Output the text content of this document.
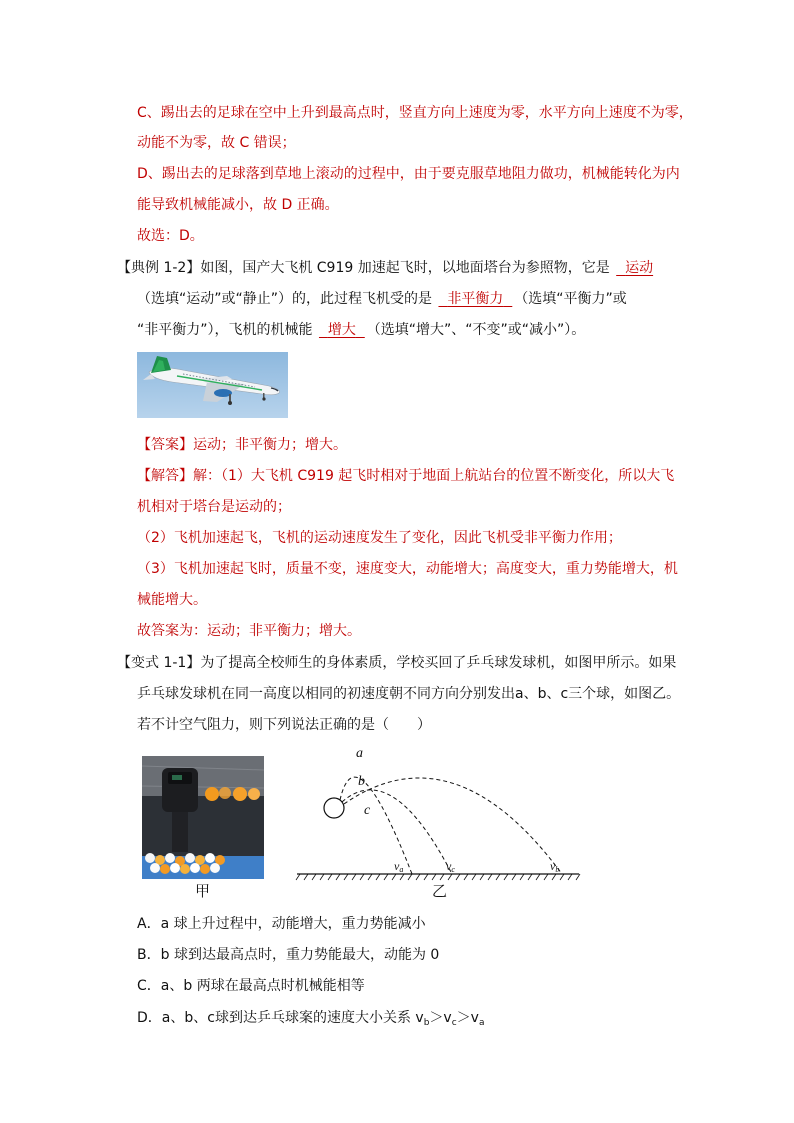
C、踢出去的足球在空中上升到最高点时，竖直方向上速度为零，水平方向上速度不为零，
动能不为零，故 C 错误；
D、踢出去的足球落到草地上滚动的过程中，由于要克服草地阻力做功，机械能转化为内
能导致机械能减小，故 D 正确。
故选：D。
【典例 1-2】如图，国产大飞机 C919 加速起飞时，以地面塔台为参照物，它是 运动
（选填“运动”或“静止”）的，此过程飞机受的是 非平衡力 （选填“平衡力”或
“非平衡力”），飞机的机械能 增大 （选填“增大”、“不变”或“减小”）。
【答案】运动；非平衡力；增大。
【解答】解：（1）大飞机 C919 起飞时相对于地面上航站台的位置不断变化，所以大飞
机相对于塔台是运动的；
（2）飞机加速起飞，飞机的运动速度发生了变化，因此飞机受非平衡力作用；
（3）飞机加速起飞时，质量不变，速度变大，动能增大；高度变大，重力势能增大，机
械能增大。
故答案为：运动；非平衡力；增大。
【变式 1-1】为了提高全校师生的身体素质，学校买回了乒乓球发球机，如图甲所示。如果
乒乓球发球机在同一高度以相同的初速度朝不同方向分别发出a、b、c三个球，如图乙。
若不计空气阻力，则下列说法正确的是（　　）
甲
a
b
c
va	vc	vb
乙
A．a 球上升过程中，动能增大，重力势能减小
B．b 球到达最高点时，重力势能最大，动能为 0
C．a、b 两球在最高点时机械能相等
D．a、b、c球到达乒乓球案的速度大小关系 $v_b>v_c>v_a$
